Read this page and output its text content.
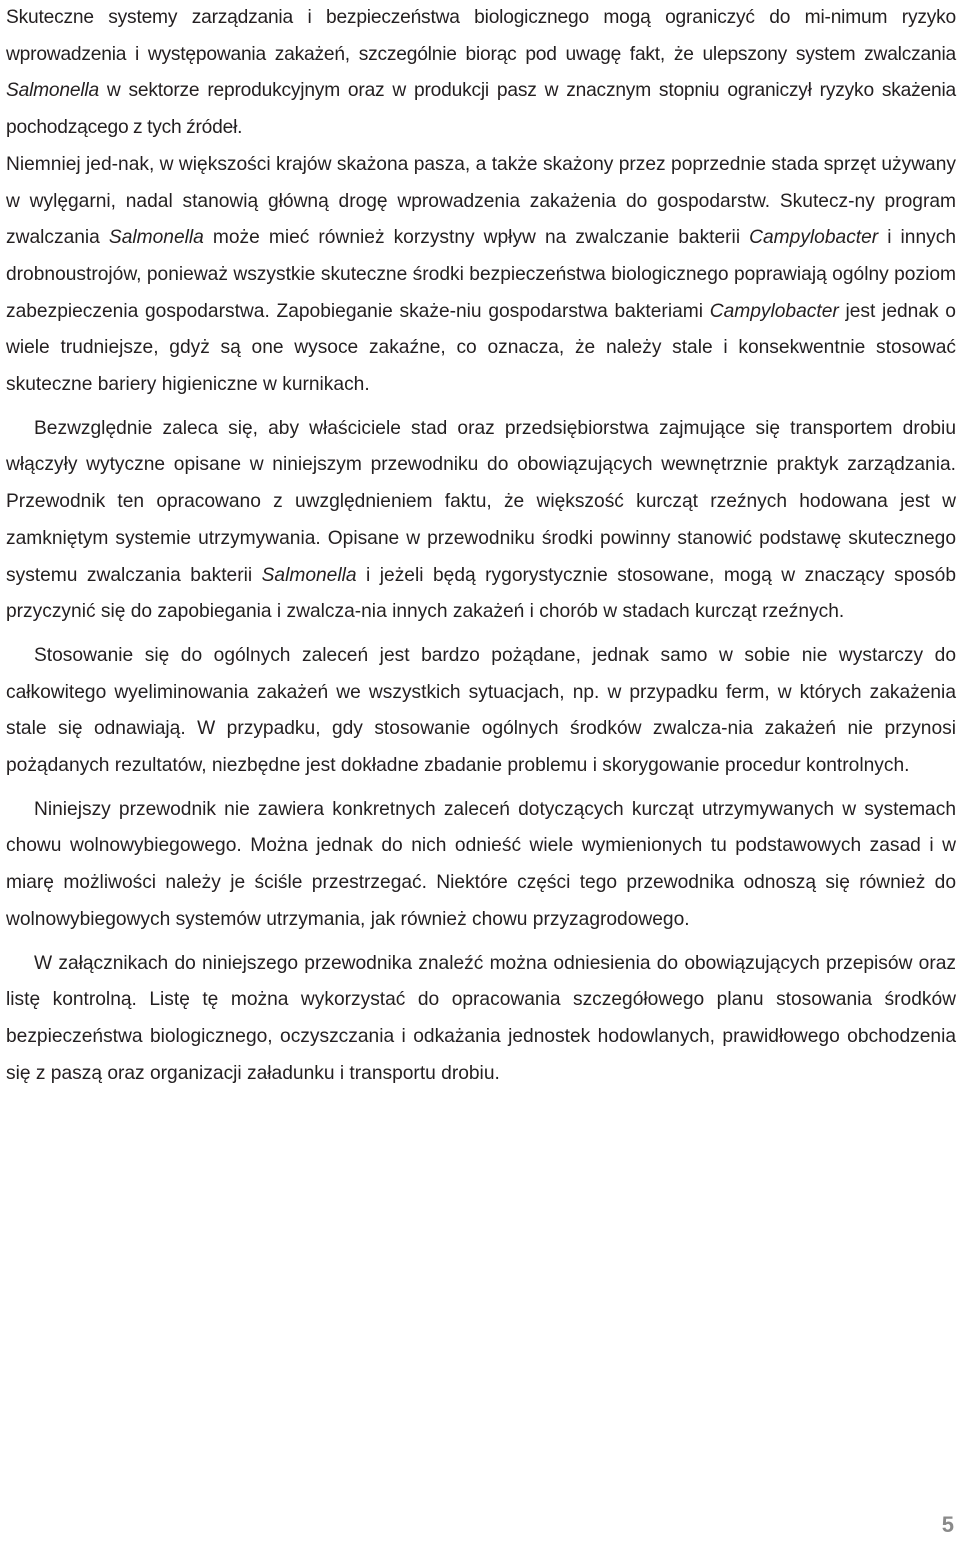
Skuteczne systemy zarządzania i bezpieczeństwa biologicznego mogą ograniczyć do mi-nimum ryzyko wprowadzenia i występowania zakażeń, szczególnie biorąc pod uwagę fakt, że ulepszony system zwalczania Salmonella w sektorze reprodukcyjnym oraz w produkcji pasz w znacznym stopniu ograniczył ryzyko skażenia pochodzącego z tych źródeł.

Niemniej jed-nak, w większości krajów skażona pasza, a także skażony przez poprzednie stada sprzęt używany w wylęgarni, nadal stanowią główną drogę wprowadzenia zakażenia do gospodarstw. Skutecz-ny program zwalczania Salmonella może mieć również korzystny wpływ na zwalczanie bakterii Campylobacter i innych drobnoustrojów, ponieważ wszystkie skuteczne środki bezpieczeństwa biologicznego poprawiają ogólny poziom zabezpieczenia gospodarstwa. Zapobieganie skaże-niu gospodarstwa bakteriami Campylobacter jest jednak o wiele trudniejsze, gdyż są one wysoce zakaźne, co oznacza, że należy stale i konsekwentnie stosować skuteczne bariery higieniczne w kurnikach.

Bezwzględnie zaleca się, aby właściciele stad oraz przedsiębiorstwa zajmujące się transportem drobiu włączyły wytyczne opisane w niniejszym przewodniku do obowiązujących wewnętrznie praktyk zarządzania. Przewodnik ten opracowano z uwzględnieniem faktu, że większość kurcząt rzeźnych hodowana jest w zamkniętym systemie utrzymywania. Opisane w przewodniku środki powinny stanowić podstawę skutecznego systemu zwalczania bakterii Salmonella i jeżeli będą rygorystycznie stosowane, mogą w znaczący sposób przyczynić się do zapobiegania i zwalcza-nia innych zakażeń i chorób w stadach kurcząt rzeźnych.

Stosowanie się do ogólnych zaleceń jest bardzo pożądane, jednak samo w sobie nie wystarczy do całkowitego wyeliminowania zakażeń we wszystkich sytuacjach, np. w przypadku ferm, w których zakażenia stale się odnawiają. W przypadku, gdy stosowanie ogólnych środków zwalcza-nia zakażeń nie przynosi pożądanych rezultatów, niezbędne jest dokładne zbadanie problemu i skorygowanie procedur kontrolnych.

Niniejszy przewodnik nie zawiera konkretnych zaleceń dotyczących kurcząt utrzymywanych w systemach chowu wolnowybiegowego. Można jednak do nich odnieść wiele wymienionych tu podstawowych zasad i w miarę możliwości należy je ściśle przestrzegać. Niektóre części tego przewodnika odnoszą się również do wolnowybiegowych systemów utrzymania, jak również chowu przyzagrodowego.

W załącznikach do niniejszego przewodnika znaleźć można odniesienia do obowiązujących przepisów oraz listę kontrolną. Listę tę można wykorzystać do opracowania szczegółowego planu stosowania środków bezpieczeństwa biologicznego, oczyszczania i odkażania jednostek hodowlanych, prawidłowego obchodzenia się z paszą oraz organizacji załadunku i transportu drobiu.

5
